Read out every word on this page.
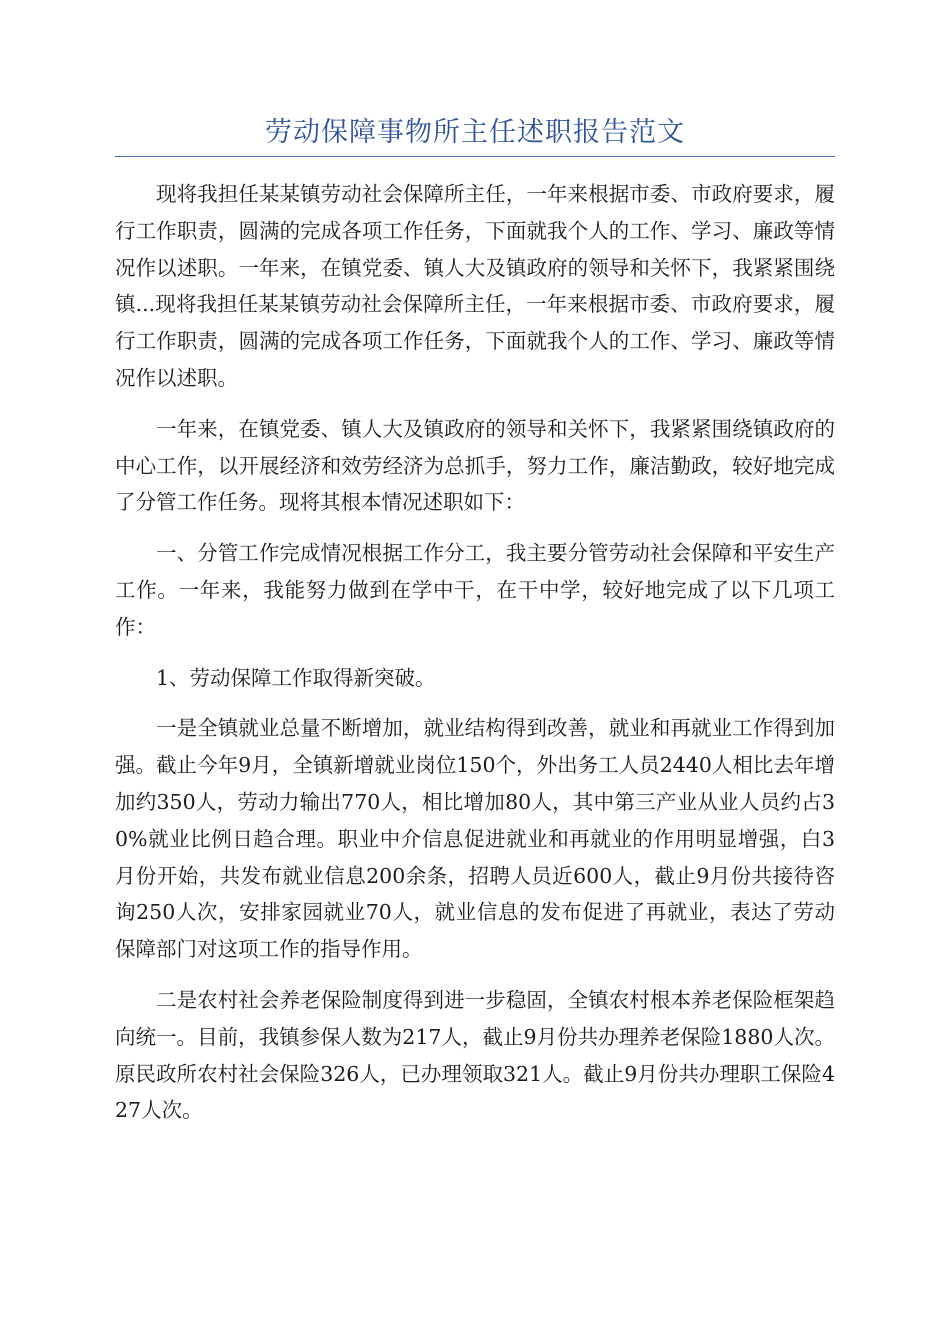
劳动保障事物所主任述职报告范文

现将我担任某某镇劳动社会保障所主任，一年来根据市委、市政府要求，履行工作职责，圆满的完成各项工作任务，下面就我个人的工作、学习、廉政等情况作以述职。一年来，在镇党委、镇人大及镇政府的领导和关怀下，我紧紧围绕镇...现将我担任某某镇劳动社会保障所主任，一年来根据市委、市政府要求，履行工作职责，圆满的完成各项工作任务，下面就我个人的工作、学习、廉政等情况作以述职。

一年来，在镇党委、镇人大及镇政府的领导和关怀下，我紧紧围绕镇政府的中心工作，以开展经济和效劳经济为总抓手，努力工作，廉洁勤政，较好地完成了分管工作任务。现将其根本情况述职如下：

一、分管工作完成情况根据工作分工，我主要分管劳动社会保障和平安生产工作。一年来，我能努力做到在学中干，在干中学，较好地完成了以下几项工作：

1、劳动保障工作取得新突破。

一是全镇就业总量不断增加，就业结构得到改善，就业和再就业工作得到加强。截止今年9月，全镇新增就业岗位150个，外出务工人员2440人相比去年增加约350人，劳动力输出770人，相比增加80人，其中第三产业从业人员约占30%就业比例日趋合理。职业中介信息促进就业和再就业的作用明显增强，白3月份开始，共发布就业信息200余条，招聘人员近600人，截止9月份共接待咨询250人次，安排家园就业70人，就业信息的发布促进了再就业，表达了劳动保障部门对这项工作的指导作用。

二是农村社会养老保险制度得到进一步稳固，全镇农村根本养老保险框架趋向统一。目前，我镇参保人数为217人，截止9月份共办理养老保险1880人次。原民政所农村社会保险326人，已办理领取321人。截止9月份共办理职工保险427人次。
